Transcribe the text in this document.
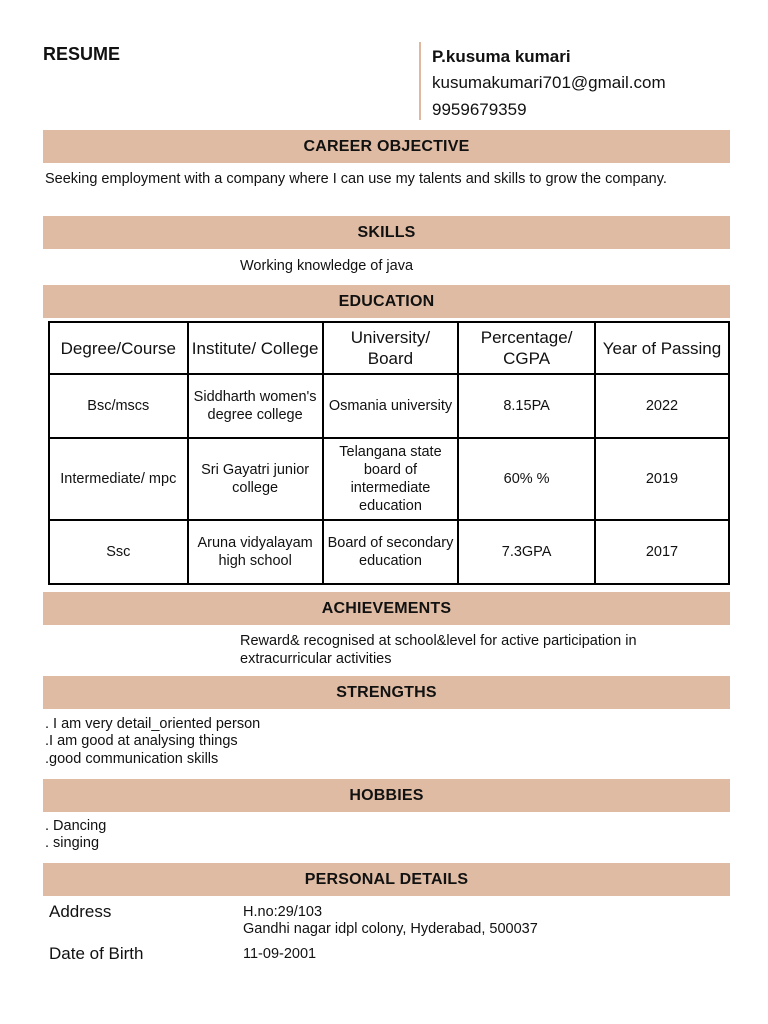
RESUME	P.kusuma kumari
kusumakumari701@gmail.com
9959679359
CAREER OBJECTIVE
Seeking employment with a company where I can use my talents and skills to grow the company.
SKILLS
Working knowledge of java
EDUCATION
Degree/Course	Institute/ College	University/ Board	Percentage/ CGPA	Year of Passing
Bsc/mscs	Siddharth women's degree college	Osmania university	8.15PA	2022
Intermediate/ mpc	Sri Gayatri junior college	Telangana state board of intermediate education	60% %	2019
Ssc	Aruna vidyalayam high school	Board of secondary education	7.3GPA	2017
ACHIEVEMENTS
Reward& recognised at school&level for active participation in extracurricular activities
STRENGTHS
. I am very detail_oriented person
.I am good at analysing things
.good communication skills
HOBBIES
. Dancing
. singing
PERSONAL DETAILS
Address	H.no:29/103
Gandhi nagar idpl colony, Hyderabad, 500037
Date of Birth	11-09-2001
